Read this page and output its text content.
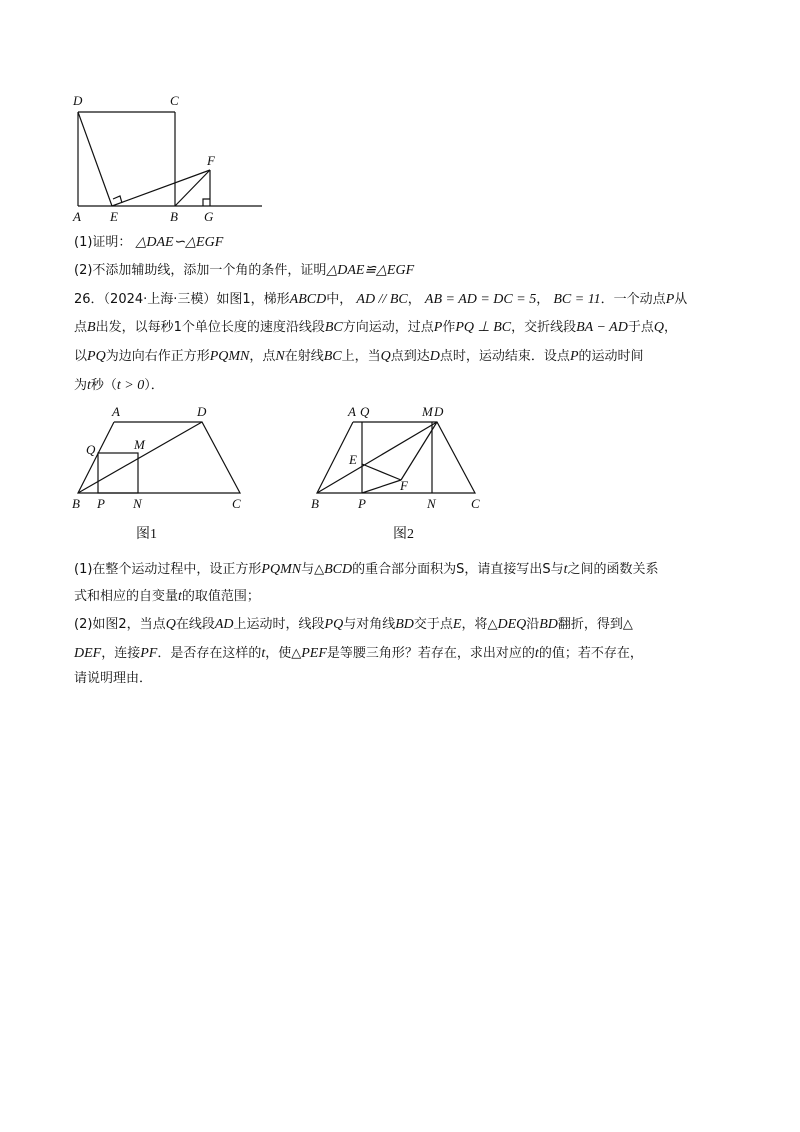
D	C
F
A E	B G
(1)证明： △DAE∽△EGF
(2)不添加辅助线，添加一个角的条件，证明△DAE≌△EGF
26．（2024·上海·三模）如图1，梯形ABCD中， AD // BC， AB = AD = DC = 5， BC = 11．一个动点P从
点B出发，以每秒1个单位长度的速度沿线段BC方向运动，过点P作PQ ⊥ BC，交折线段BA − AD于点Q，
以PQ为边向右作正方形PQMN，点N在射线BC上，当Q点到达D点时，运动结束．设点P的运动时间
为t秒（t > 0）．
A	D
Q	M
B P N	C
图1
A Q	M D
E
F
B	P	N	C
图2
(1)在整个运动过程中，设正方形PQMN与△BCD的重合部分面积为S，请直接写出S与t之间的函数关系
式和相应的自变量t的取值范围；
(2)如图2，当点Q在线段AD上运动时，线段PQ与对角线BD交于点E，将△DEQ沿BD翻折，得到△
DEF，连接PF．是否存在这样的t，使△PEF是等腰三角形？若存在，求出对应的t的值；若不存在，
请说明理由．
